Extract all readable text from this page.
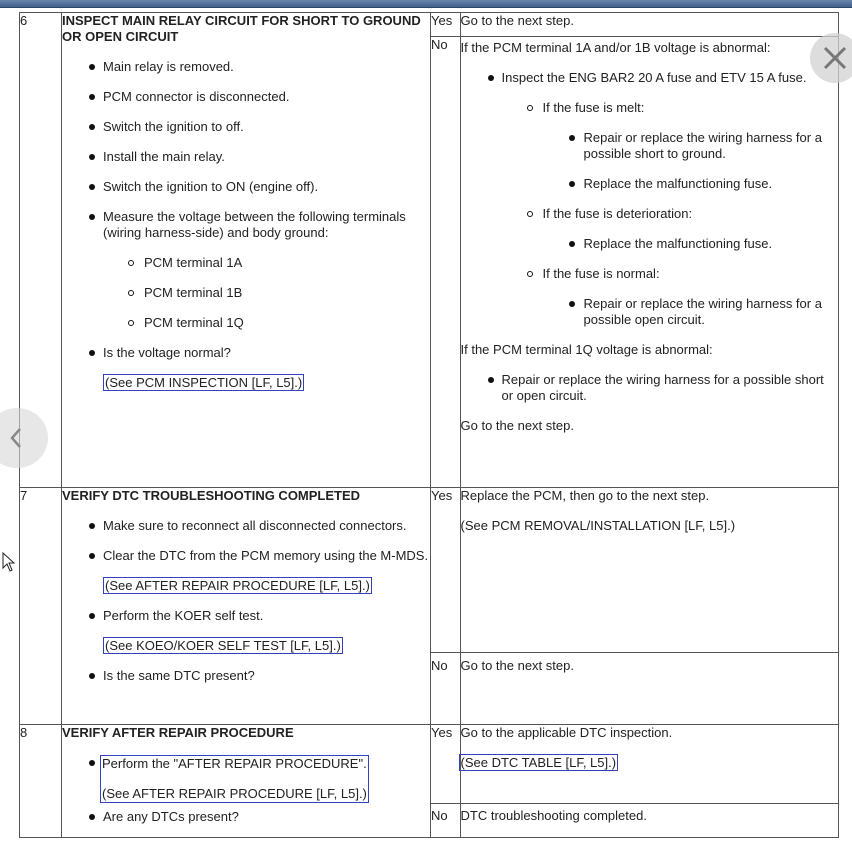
6	INSPECT MAIN RELAY CIRCUIT FOR SHORT TO GROUND OR OPEN CIRCUIT
Main relay is removed.
PCM connector is disconnected.
Switch the ignition to off.
Install the main relay.
Switch the ignition to ON (engine off).
Measure the voltage between the following terminals (wiring harness-side) and body ground:
PCM terminal 1A
PCM terminal 1B
PCM terminal 1Q
Is the voltage normal?
(See PCM INSPECTION [LF, L5].)

Yes	Go to the next step.
No	If the PCM terminal 1A and/or 1B voltage is abnormal:
Inspect the ENG BAR2 20 A fuse and ETV 15 A fuse.
If the fuse is melt:
Repair or replace the wiring harness for a possible short to ground.
Replace the malfunctioning fuse.
If the fuse is deterioration:
Replace the malfunctioning fuse.
If the fuse is normal:
Repair or replace the wiring harness for a possible open circuit.
If the PCM terminal 1Q voltage is abnormal:
Repair or replace the wiring harness for a possible short or open circuit.
Go to the next step.

7	VERIFY DTC TROUBLESHOOTING COMPLETED
Make sure to reconnect all disconnected connectors.
Clear the DTC from the PCM memory using the M-MDS.
(See AFTER REPAIR PROCEDURE [LF, L5].)
Perform the KOER self test.
(See KOEO/KOER SELF TEST [LF, L5].)
Is the same DTC present?

Yes	Replace the PCM, then go to the next step.
(See PCM REMOVAL/INSTALLATION [LF, L5].)

No	Go to the next step.

8	VERIFY AFTER REPAIR PROCEDURE
Perform the "AFTER REPAIR PROCEDURE".
(See AFTER REPAIR PROCEDURE [LF, L5].)
Are any DTCs present?

Yes	Go to the applicable DTC inspection.
(See DTC TABLE [LF, L5].)

No	DTC troubleshooting completed.
